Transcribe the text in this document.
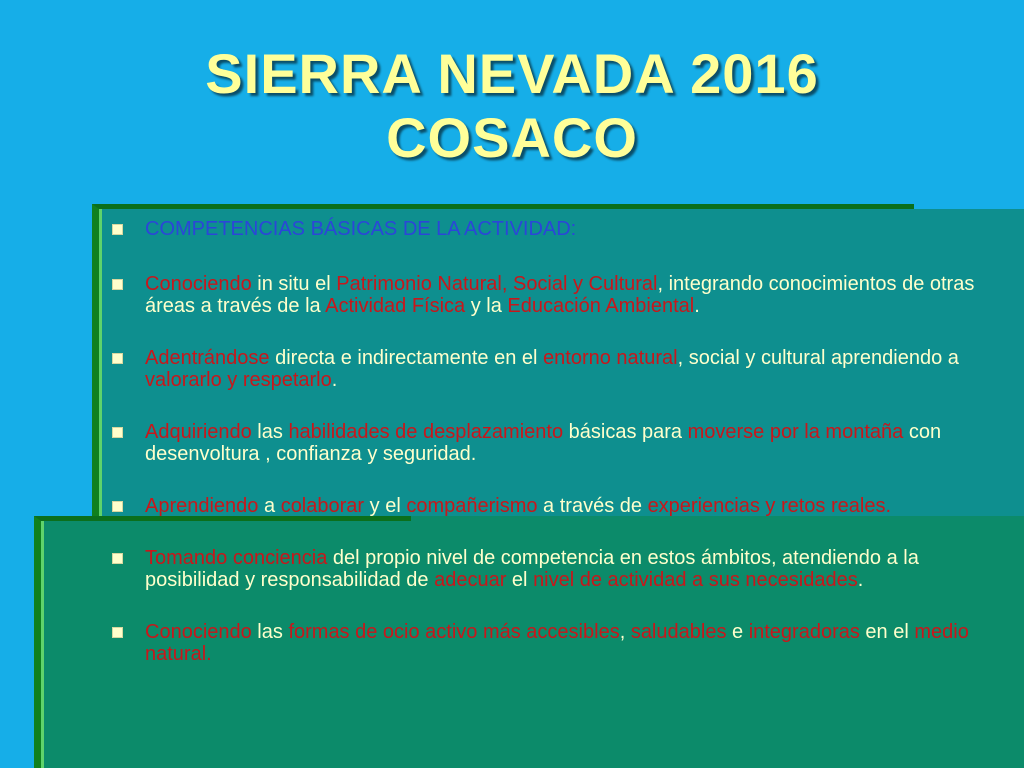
SIERRA NEVADA 2016
COSACO
COMPETENCIAS BÁSICAS DE LA ACTIVIDAD:
Conociendo in situ el Patrimonio Natural, Social y Cultural, integrando conocimientos de otras áreas a través de la Actividad Física y la Educación Ambiental.
Adentrándose directa e indirectamente en el entorno natural, social y cultural aprendiendo a valorarlo y respetarlo.
Adquiriendo las habilidades de desplazamiento básicas para moverse por la montaña con desenvoltura , confianza y seguridad.
Aprendiendo a colaborar y el compañerismo a través de experiencias y retos reales.
Tomando conciencia del propio nivel de competencia en estos ámbitos, atendiendo a la posibilidad y responsabilidad de adecuar el nivel de actividad a sus necesidades.
Conociendo las formas de ocio activo más accesibles, saludables e integradoras en el medio natural.
